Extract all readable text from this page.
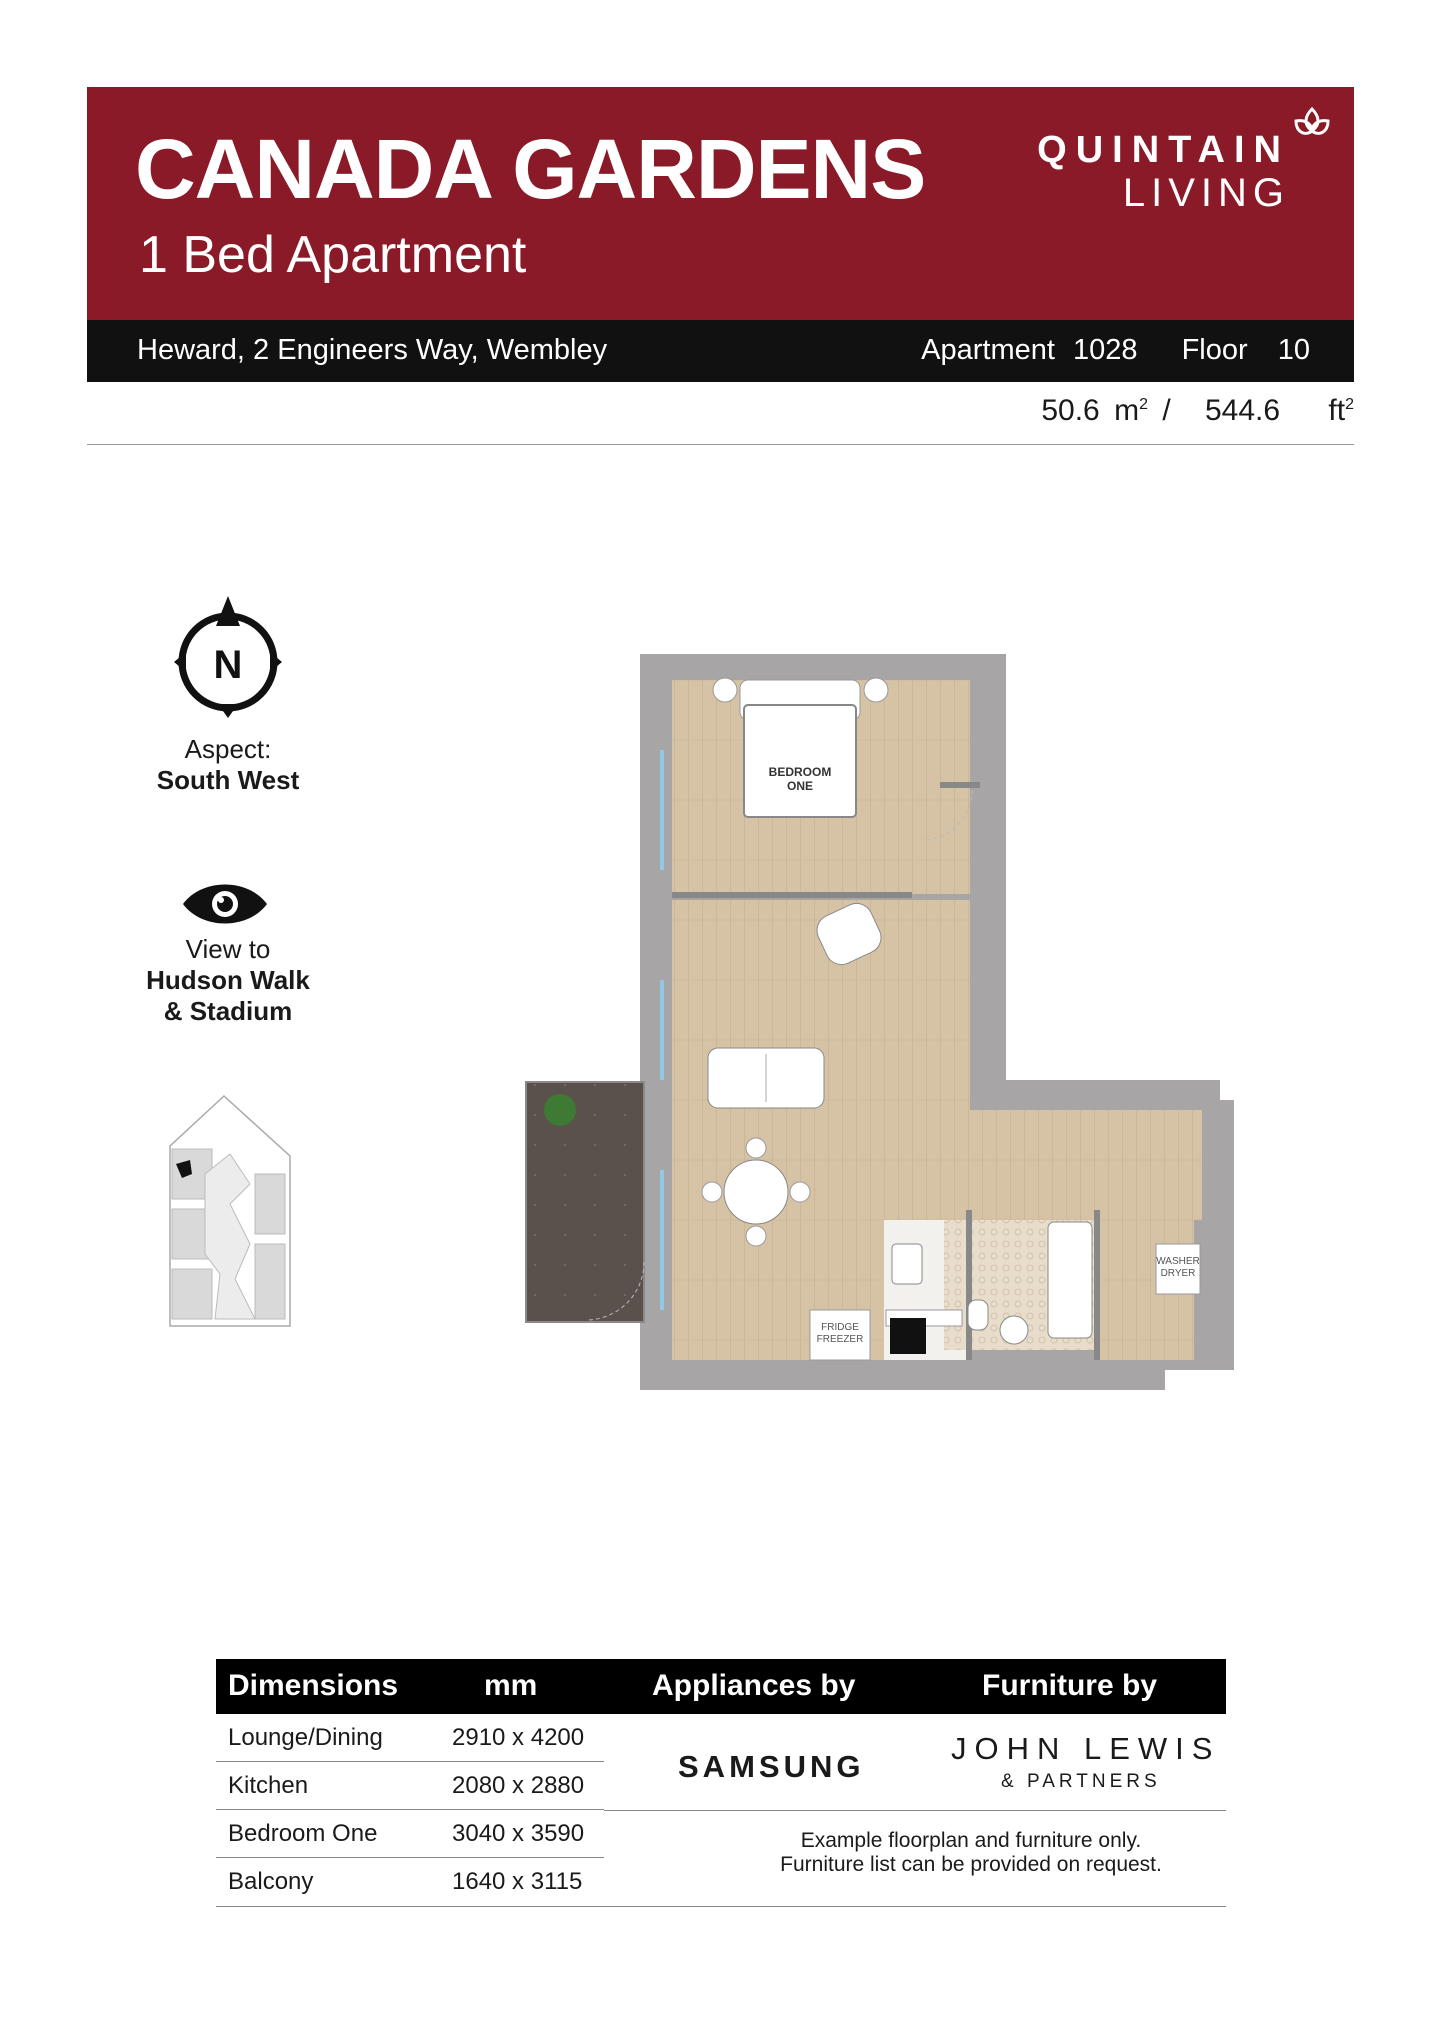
CANADA GARDENS
1 Bed Apartment
QUINTAIN
LIVING
Heward, 2 Engineers Way, Wembley	Apartment 1028 Floor 10
50.6 $m^2 / 544.6$ $ft^2$
N
Aspect:
South West
View to
Hudson Walk
& Stadium
BEDROOM
ONE
FRIDGE
FREEZER
WASHER
DRYER
Dimensions	mm	Appliances by	Furniture by
Lounge/Dining	2910 x 4200
Kitchen	2080 x 2880
Bedroom One	3040 x 3590
Balcony	1640 x 3115
SAMSUNG
JOHN LEWIS
& PARTNERS
Example floorplan and furniture only.
Furniture list can be provided on request.
